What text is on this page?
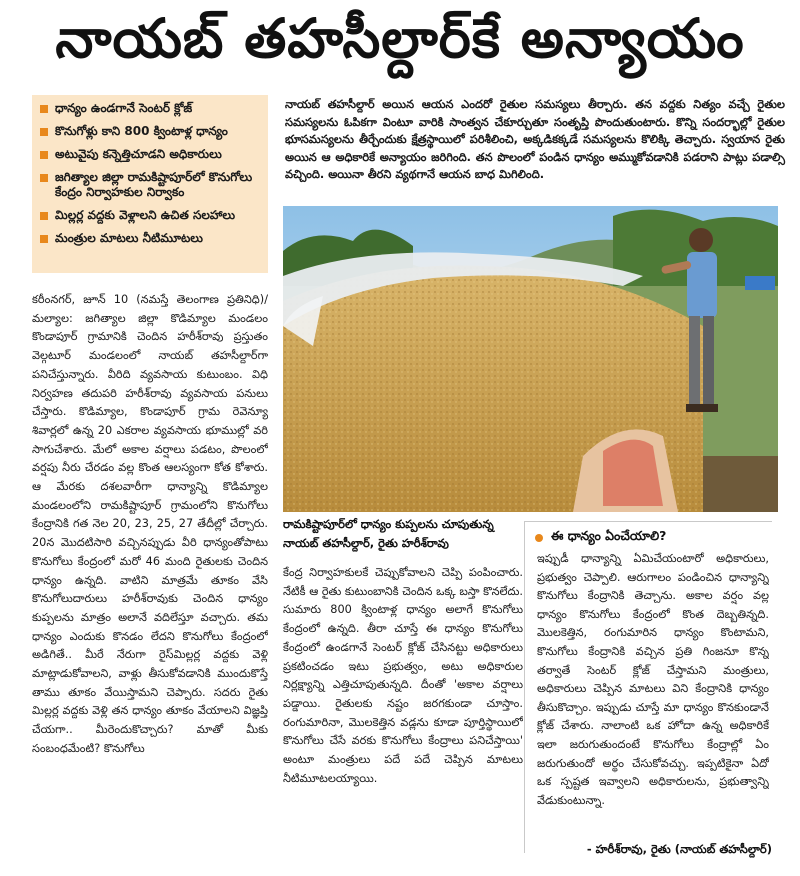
నాయబ్ తహసీల్దార్‌కే అన్యాయం
ధాన్యం ఉండగానే సెంటర్ క్లోజ్
కొనుగోళ్లు కాని 800 క్వింటాళ్ల ధాన్యం
అటువైపు కన్నెత్తిచూడని అధికారులు
జగిత్యాల జిల్లా రామకిష్టాపూర్‌లో కొనుగోలు కేంద్రం నిర్వాహకుల నిర్వాకం
మిల్లర్ల వద్దకు వెళ్లాలని ఉచిత సలహాలు
మంత్రుల మాటలు నీటిమూటలు
నాయబ్ తహసీల్దార్ అయిన ఆయన ఎందరో రైతుల సమస్యలు తీర్చారు. తన వద్దకు నిత్యం వచ్చే రైతుల సమస్యలను ఓపికగా వింటూ వారికి సాంత్వన చేకూర్చుతూ సంతృప్తి పొందుతుంటారు. కొన్ని సందర్భాల్లో రైతుల భూసమస్యలను తీర్చేందుకు క్షేత్రస్థాయిలో పరిశీలించి, అక్కడికక్కడే సమస్యలను కొలిక్కి తెచ్చారు. స్వయాన రైతు అయిన ఆ అధికారికే అన్యాయం జరిగింది. తన పొలంలో పండిన ధాన్యం అమ్ముకోవడానికి పడరాని పాట్లు పడాల్సి వచ్చింది. అయినా తీరని వ్యథగానే ఆయన బాధ మిగిలింది.
రామకిష్టాపూర్‌లో ధాన్యం కుప్పలను చూపుతున్న
నాయబ్ తహసీల్దార్, రైతు హరీశ్‌రావు
కరీంనగర్, జూన్ 10 (నమస్తే తెలంగాణ ప్రతినిధి)/మల్యాల: జగిత్యాల జిల్లా కొడిమ్యాల మండలం కొండాపూర్ గ్రామానికి చెందిన హరీశ్‌రావు ప్రస్తుతం వెల్గటూర్ మండలంలో నాయబ్ తహసీల్దార్‌గా పనిచేస్తున్నారు. వీరిది వ్యవసాయ కుటుంబం. విధి నిర్వహణ తదుపరి హరీశ్‌రావు వ్యవసాయ పనులు చేస్తారు. కొడిమ్యాల, కొండాపూర్ గ్రామ రెవెన్యూ శివార్లలో ఉన్న 20 ఎకరాల వ్యవసాయ భూముల్లో వరి సాగుచేశారు. మేలో అకాల వర్షాలు పడటం, పొలంలో వర్షపు నీరు చేరడం వల్ల కొంత ఆలస్యంగా కోత కోశారు. ఆ మేరకు దశలవారీగా ధాన్యాన్ని కొడిమ్యాల మండలంలోని రామకిష్టాపూర్ గ్రామంలోని కొనుగోలు కేంద్రానికి గత నెల 20, 23, 25, 27 తేదీల్లో చేర్చారు. 20న మొదటిసారి వచ్చినప్పుడు వీరి ధాన్యంతోపాటు కొనుగోలు కేంద్రంలో మరో 46 మంది రైతులకు చెందిన ధాన్యం ఉన్నది. వాటిని మాత్రమే తూకం వేసి కొనుగోలుదారులు హరీశ్‌రావుకు చెందిన ధాన్యం కుప్పలను మాత్రం అలానే వదిలేస్తూ వచ్చారు. తమ ధాన్యం ఎందుకు కొనడం లేదని కొనుగోలు కేంద్రంలో అడిగితే.. మీరే నేరుగా రైస్‌మిల్లర్ల వద్దకు వెళ్లి మాట్లాడుకోవాలని, వాళ్లు తీసుకోవడానికి ముందుకొస్తే తాము తూకం వేయిస్తామని చెప్పారు. సదరు రైతు మిల్లర్ల వద్దకు వెళ్లి తన ధాన్యం తూకం వేయాలని విజ్ఞప్తి చేయగా.. మీరెందుకొచ్చారు? మాతో మీకు సంబంధమేంటి? కొనుగోలు
కేంద్ర నిర్వాహకులకే చెప్పుకోవాలని చెప్పి పంపించారు. నేటికీ ఆ రైతు కుటుంబానికి చెందిన ఒక్క బస్తా కొనలేదు. సుమారు 800 క్వింటాళ్ల ధాన్యం అలాగే కొనుగోలు కేంద్రంలో ఉన్నది. తీరా చూస్తే ఈ ధాన్యం కొనుగోలు కేంద్రంలో ఉండగానే సెంటర్ క్లోజ్ చేసినట్టు అధికారులు ప్రకటించడం ఇటు ప్రభుత్వం, అటు అధికారుల నిర్లక్ష్యాన్ని ఎత్తిచూపుతున్నది. దీంతో 'అకాల వర్షాలు పడ్డాయి. రైతులకు నష్టం జరగకుండా చూస్తాం. రంగుమారినా, మొలకెత్తిన వడ్లను కూడా పూర్తిస్థాయిలో కొనుగోలు చేసే వరకు కొనుగోలు కేంద్రాలు పనిచేస్తాయి' అంటూ మంత్రులు పదే పదే చెప్పిన మాటలు నీటిమూటలయ్యాయి.
ఈ ధాన్యం ఏంచేయాలి?
ఇప్పుడీ ధాన్యాన్ని ఏమిచేయంటారో అధికారులు, ప్రభుత్వం చెప్పాలి. ఆరుగాలం పండించిన ధాన్యాన్ని కొనుగోలు కేంద్రానికి తెచ్చాను. అకాల వర్షం వల్ల ధాన్యం కొనుగోలు కేంద్రంలో కొంత దెబ్బతిన్నది. మొలకెత్తిన, రంగుమారిన ధాన్యం కొంటామని, కొనుగోలు కేంద్రానికి వచ్చిన ప్రతి గింజనూ కొన్న తర్వాతే సెంటర్ క్లోజ్ చేస్తామని మంత్రులు, అధికారులు చెప్పిన మాటలు విని కేంద్రానికి ధాన్యం తీసుకొచ్చాం. ఇప్పుడు చూస్తే మా ధాన్యం కొనకుండానే క్లోజ్ చేశారు. నాలాంటి ఒక హోదా ఉన్న అధికారికే ఇలా జరుగుతుందంటే కొనుగోలు కేంద్రాల్లో ఏం జరుగుతుందో అర్థం చేసుకోవచ్చు. ఇప్పటికైనా ఏదో ఒక స్పష్టత ఇవ్వాలని అధికారులను, ప్రభుత్వాన్ని వేడుకుంటున్నా.
- హరీశ్‌రావు, రైతు (నాయబ్ తహసీల్దార్)
